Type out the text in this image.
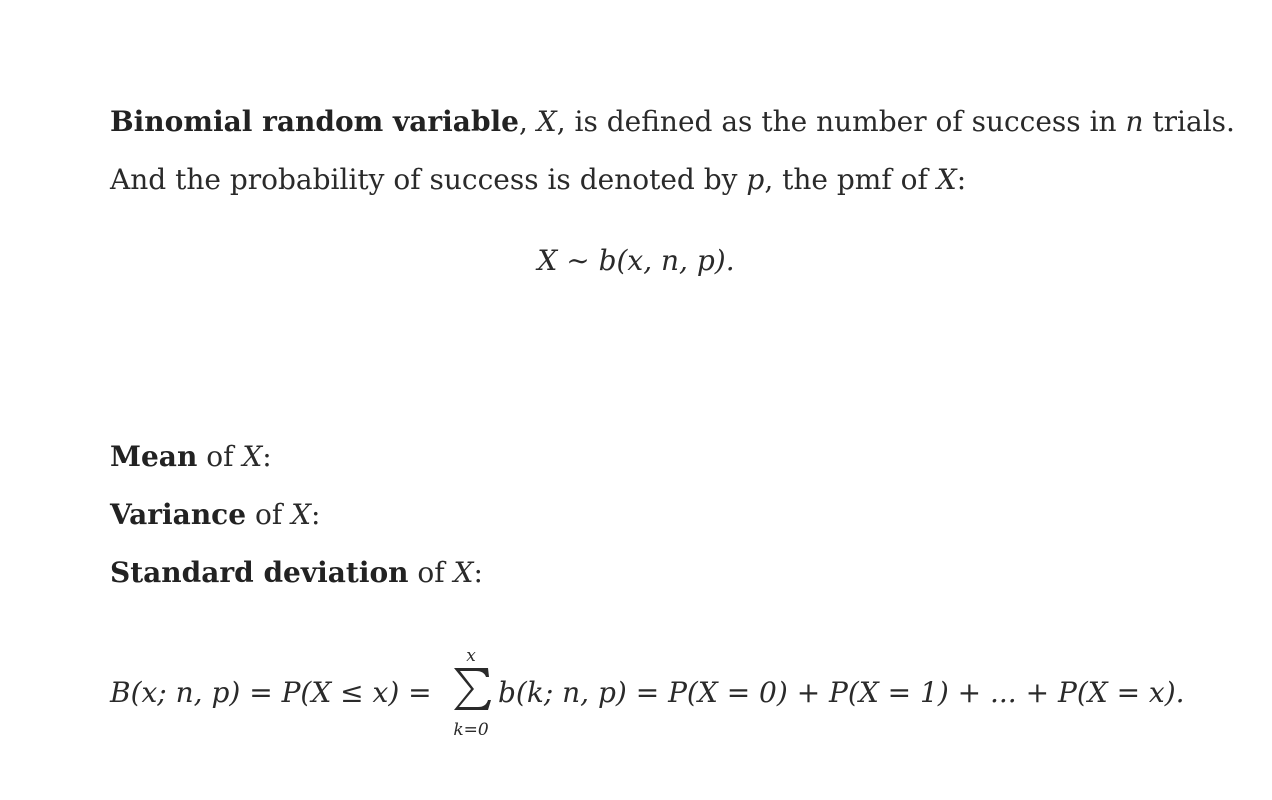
Binomial random variable, X, is defined as the number of success in n trials.
And the probability of success is denoted by p, the pmf of X:
X ∼ b(x, n, p).
Mean of X:
Variance of X:
Standard deviation of X:
B(x; n, p) = P(X ≤ x) =
x
k=0
b(k; n, p) = P(X = 0) + P(X = 1) + ... + P(X = x).
